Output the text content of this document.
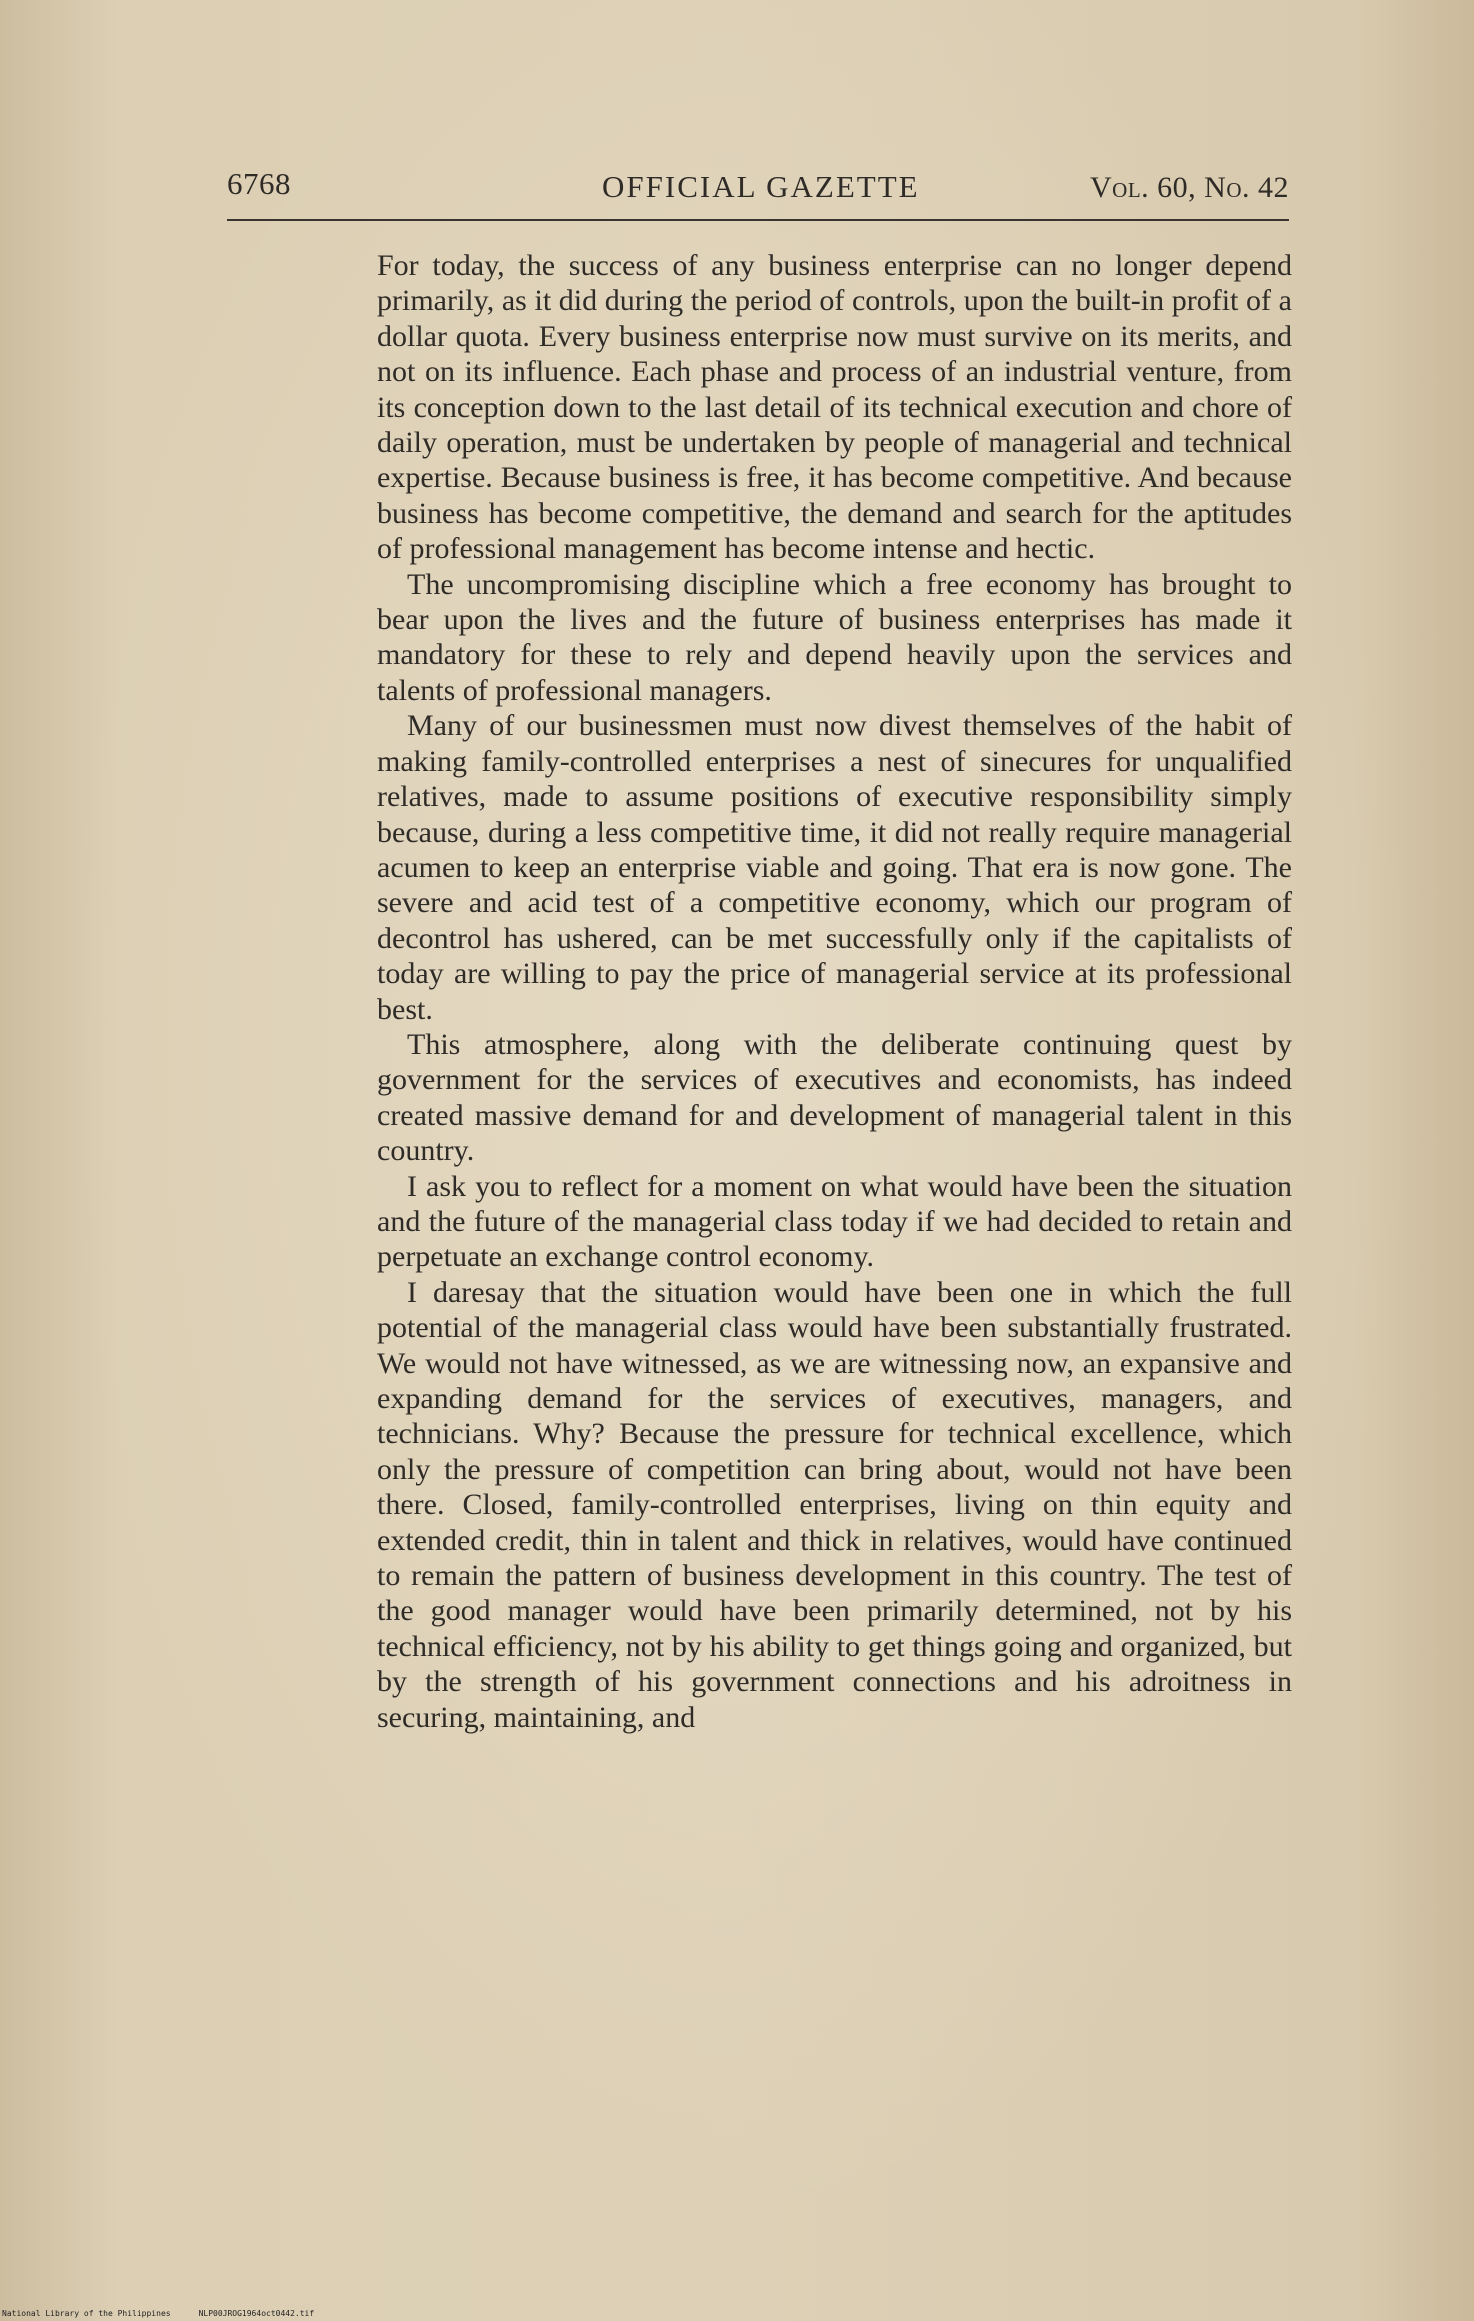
6768	OFFICIAL GAZETTE	Vol. 60, No. 42

For today, the success of any business enterprise can no longer depend primarily, as it did during the period of controls, upon the built-in profit of a dollar quota. Every business enterprise now must survive on its merits, and not on its influence. Each phase and process of an industrial venture, from its conception down to the last detail of its technical execution and chore of daily operation, must be undertaken by people of managerial and technical expertise. Because business is free, it has become competitive. And because business has become competitive, the demand and search for the aptitudes of professional management has become intense and hectic.

The uncompromising discipline which a free economy has brought to bear upon the lives and the future of business enterprises has made it mandatory for these to rely and depend heavily upon the services and talents of professional managers.

Many of our businessmen must now divest themselves of the habit of making family-controlled enterprises a nest of sinecures for unqualified relatives, made to assume positions of executive responsibility simply because, during a less competitive time, it did not really require managerial acumen to keep an enterprise viable and going. That era is now gone. The severe and acid test of a competitive economy, which our program of decontrol has ushered, can be met successfully only if the capitalists of today are willing to pay the price of managerial service at its professional best.

This atmosphere, along with the deliberate continuing quest by government for the services of executives and economists, has indeed created massive demand for and development of managerial talent in this country.

I ask you to reflect for a moment on what would have been the situation and the future of the managerial class today if we had decided to retain and perpetuate an exchange control economy.

I daresay that the situation would have been one in which the full potential of the managerial class would have been substantially frustrated. We would not have witnessed, as we are witnessing now, an expansive and expanding demand for the services of executives, managers, and technicians. Why? Because the pressure for technical excellence, which only the pressure of competition can bring about, would not have been there. Closed, family-controlled enterprises, living on thin equity and extended credit, thin in talent and thick in relatives, would have continued to remain the pattern of business development in this country. The test of the good manager would have been primarily determined, not by his technical efficiency, not by his ability to get things going and organized, but by the strength of his government connections and his adroitness in securing, maintaining, and

National Library of the Philippines	NLP00JROG1964oct0442.tif
